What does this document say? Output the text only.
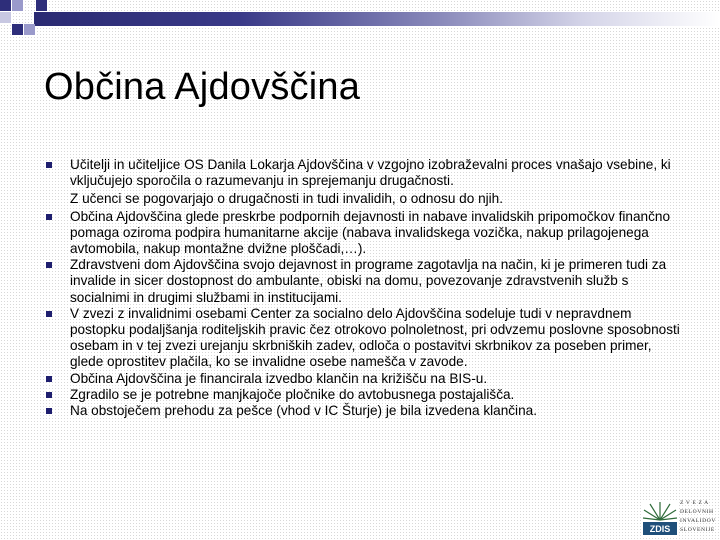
Občina Ajdovščina
Učitelji in učiteljice OS Danila Lokarja Ajdovščina v vzgojno izobraževalni proces vnašajo vsebine, ki vključujejo sporočila o razumevanju in sprejemanju drugačnosti.
Z učenci se pogovarjajo o drugačnosti in tudi invalidih, o odnosu do njih.
Občina Ajdovščina glede preskrbe podpornih dejavnosti in nabave invalidskih pripomočkov finančno pomaga oziroma podpira humanitarne akcije (nabava invalidskega vozička, nakup prilagojenega avtomobila, nakup montažne dvižne ploščadi,…).
Zdravstveni dom Ajdovščina svojo dejavnost in programe zagotavlja na način, ki je primeren tudi za invalide in sicer dostopnost do ambulante, obiski na domu, povezovanje zdravstvenih služb s socialnimi in drugimi službami in institucijami.
V zvezi z invalidnimi osebami Center za socialno delo Ajdovščina sodeluje tudi v nepravdnem postopku podaljšanja roditeljskih pravic čez otrokovo polnoletnost, pri odvzemu poslovne sposobnosti osebam in v tej zvezi urejanju skrbniških zadev, odloča o postavitvi skrbnikov za poseben primer, glede oprostitev plačila, ko se invalidne osebe namešča v zavode.
Občina Ajdovščina je financirala izvedbo klančin na križišču na BIS-u.
Zgradilo se je potrebne manjkajoče pločnike do avtobusnega postajališča.
Na obstoječem prehodu za pešce (vhod v IC Šturje) je bila izvedena klančina.
ZDIS
Z V E Z A
DELOVNIH
INVALIDOV
SLOVENIJE
